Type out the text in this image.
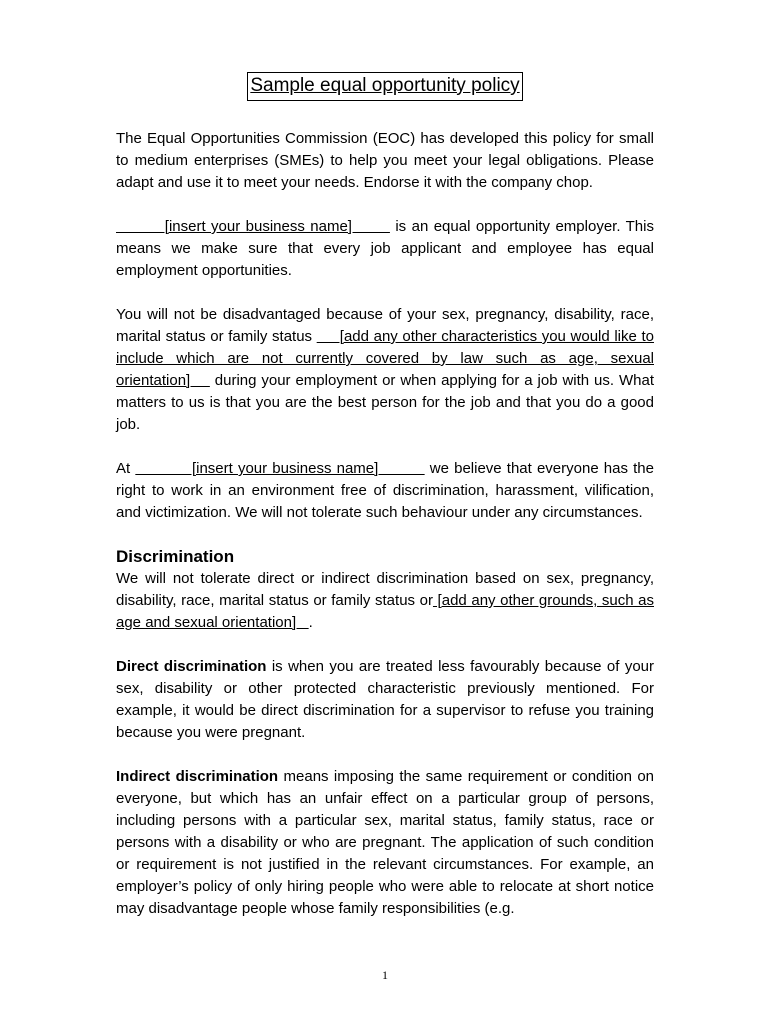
Sample equal opportunity policy

The Equal Opportunities Commission (EOC) has developed this policy for small to medium enterprises (SMEs) to help you meet your legal obligations. Please adapt and use it to meet your needs. Endorse it with the company chop.

[insert your business name]        is an equal opportunity employer. This means we make sure that every job applicant and employee has equal employment opportunities.

You will not be disadvantaged because of your sex, pregnancy, disability, race, marital status or family status      [add any other characteristics you would like to include which are not currently covered by law such as age, sexual orientation]     during your employment or when applying for a job with us. What matters to us is that you are the best person for the job and that you do a good job.

At            [insert your business name]          we believe that everyone has the right to work in an environment free of discrimination, harassment, vilification, and victimization. We will not tolerate such behaviour under any circumstances.

Discrimination

We will not tolerate direct or indirect discrimination based on sex, pregnancy, disability, race, marital status or family status or [add any other grounds, such as age and sexual orientation]   .

Direct discrimination is when you are treated less favourably because of your sex, disability or other protected characteristic previously mentioned. For example, it would be direct discrimination for a supervisor to refuse you training because you were pregnant.

Indirect discrimination means imposing the same requirement or condition on everyone, but which has an unfair effect on a particular group of persons, including persons with a particular sex, marital status, family status, race or persons with a disability or who are pregnant. The application of such condition or requirement is not justified in the relevant circumstances. For example, an employer’s policy of only hiring people who were able to relocate at short notice may disadvantage people whose family responsibilities (e.g.

1
